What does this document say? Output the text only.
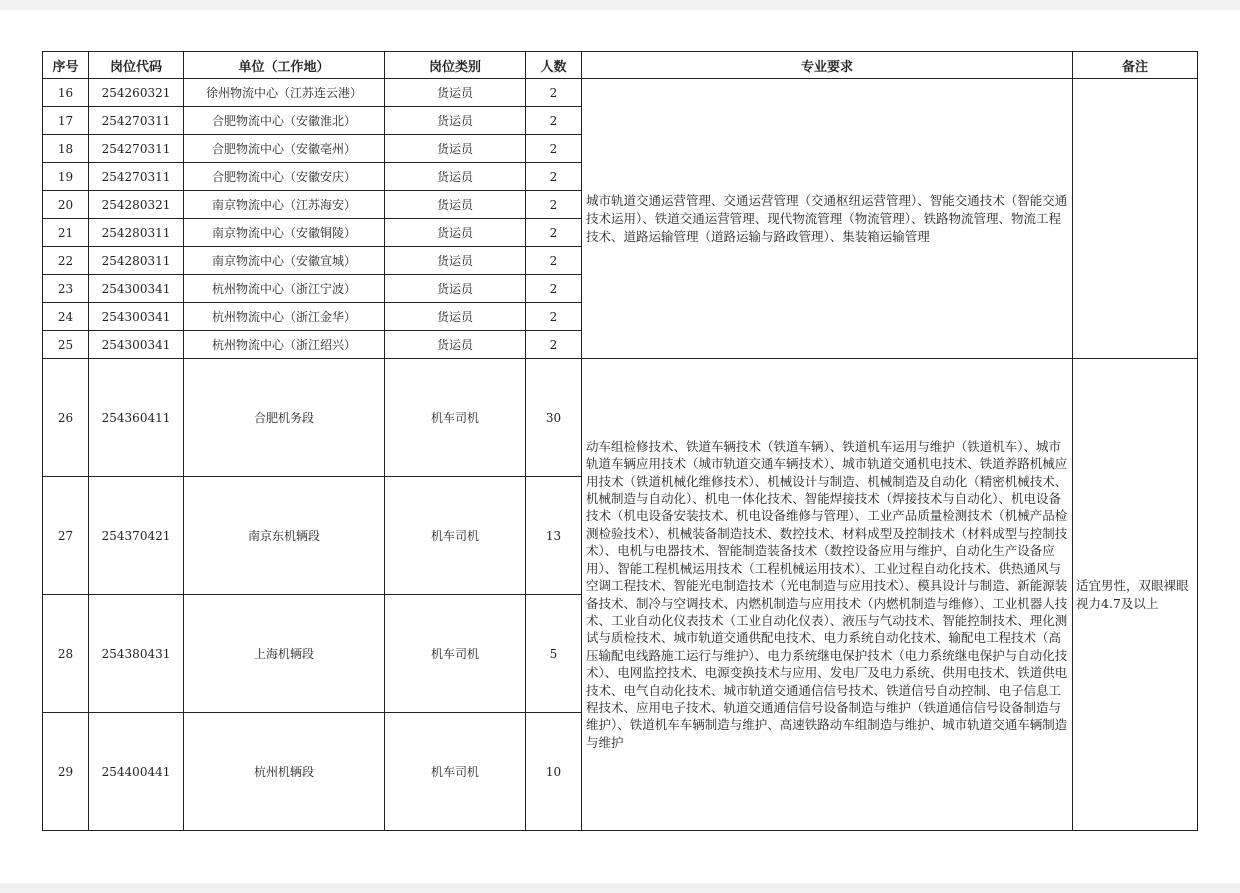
序号	岗位代码	单位（工作地）	岗位类别	人数	专业要求	备注
16	254260321	徐州物流中心（江苏连云港）	货运员	2	城市轨道交通运营管理、交通运营管理（交通枢纽运营管理）、智能交通技术（智能交通技术运用）、铁道交通运营管理、现代物流管理（物流管理）、铁路物流管理、物流工程技术、道路运输管理（道路运输与路政管理）、集装箱运输管理	
17	254270311	合肥物流中心（安徽淮北）	货运员	2		
18	254270311	合肥物流中心（安徽亳州）	货运员	2		
19	254270311	合肥物流中心（安徽安庆）	货运员	2		
20	254280321	南京物流中心（江苏海安）	货运员	2		
21	254280311	南京物流中心（安徽铜陵）	货运员	2		
22	254280311	南京物流中心（安徽宣城）	货运员	2		
23	254300341	杭州物流中心（浙江宁波）	货运员	2		
24	254300341	杭州物流中心（浙江金华）	货运员	2		
25	254300341	杭州物流中心（浙江绍兴）	货运员	2		
26	254360411	合肥机务段	机车司机	30	动车组检修技术、铁道车辆技术（铁道车辆）、铁道机车运用与维护（铁道机车）、城市轨道车辆应用技术（城市轨道交通车辆技术）、城市轨道交通机电技术、铁道养路机械应用技术（铁道机械化维修技术）、机械设计与制造、机械制造及自动化（精密机械技术、机械制造与自动化）、机电一体化技术、智能焊接技术（焊接技术与自动化）、机电设备技术（机电设备安装技术、机电设备维修与管理）、工业产品质量检测技术（机械产品检测检验技术）、机械装备制造技术、数控技术、材料成型及控制技术（材料成型与控制技术）、电机与电器技术、智能制造装备技术（数控设备应用与维护、自动化生产设备应用）、智能工程机械运用技术（工程机械运用技术）、工业过程自动化技术、供热通风与空调工程技术、智能光电制造技术（光电制造与应用技术）、模具设计与制造、新能源装备技术、制冷与空调技术、内燃机制造与应用技术（内燃机制造与维修）、工业机器人技术、工业自动化仪表技术（工业自动化仪表）、液压与气动技术、智能控制技术、理化测试与质检技术、城市轨道交通供配电技术、电力系统自动化技术、输配电工程技术（高压输配电线路施工运行与维护）、电力系统继电保护技术（电力系统继电保护与自动化技术）、电网监控技术、电源变换技术与应用、发电厂及电力系统、供用电技术、铁道供电技术、电气自动化技术、城市轨道交通通信信号技术、铁道信号自动控制、电子信息工程技术、应用电子技术、轨道交通通信信号设备制造与维护（铁道通信信号设备制造与维护）、铁道机车车辆制造与维护、高速铁路动车组制造与维护、城市轨道交通车辆制造与维护	适宜男性，双眼裸眼视力4.7及以上
27	254370421	南京东机辆段	机车司机	13		
28	254380431	上海机辆段	机车司机	5		
29	254400441	杭州机辆段	机车司机	10		
